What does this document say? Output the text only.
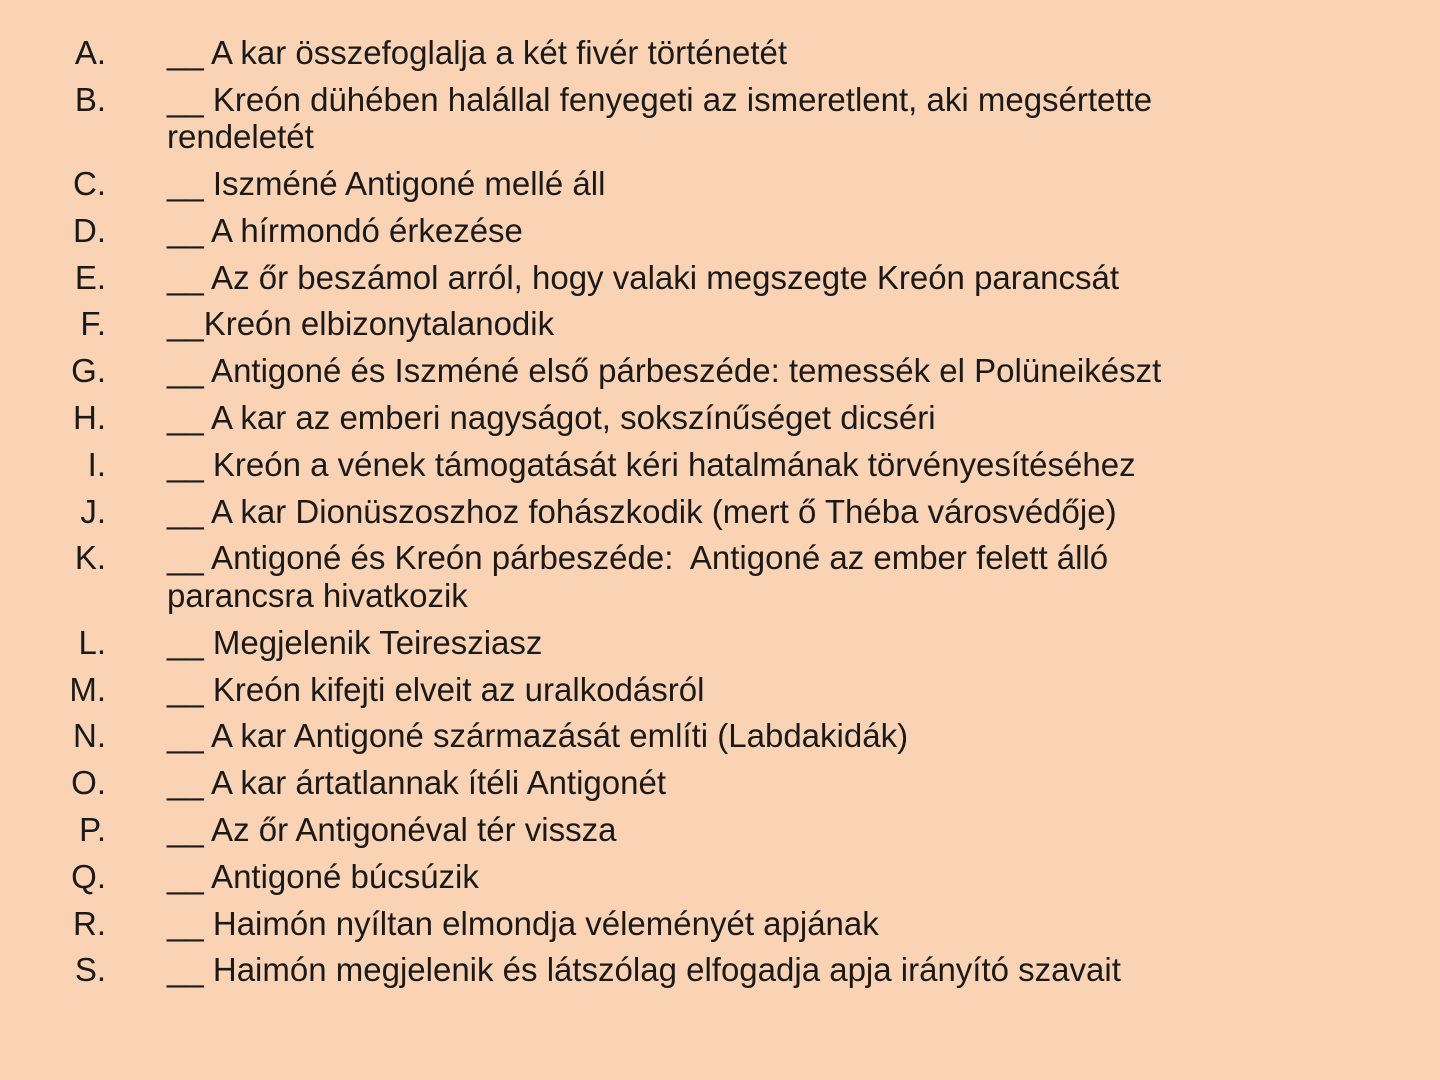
A. __ A kar összefoglalja a két fivér történetét
B. __ Kreón dühében halállal fenyegeti az ismeretlent, aki megsértette
rendeletét
C. __ Iszméné Antigoné mellé áll
D. __ A hírmondó érkezése
E. __ Az őr beszámol arról, hogy valaki megszegte Kreón parancsát
F. __Kreón elbizonytalanodik
G. __ Antigoné és Iszméné első párbeszéde: temessék el Polüneikészt
H. __ A kar az emberi nagyságot, sokszínűséget dicséri
I. __ Kreón a vének támogatását kéri hatalmának törvényesítéséhez
J. __ A kar Dionüszoszhoz fohászkodik (mert ő Théba városvédője)
K. __ Antigoné és Kreón párbeszéde:  Antigoné az ember felett álló
parancsra hivatkozik
L. __ Megjelenik Teiresziasz
M. __ Kreón kifejti elveit az uralkodásról
N. __ A kar Antigoné származását említi (Labdakidák)
O. __ A kar ártatlannak ítéli Antigonét
P. __ Az őr Antigonéval tér vissza
Q. __ Antigoné búcsúzik
R. __ Haimón nyíltan elmondja véleményét apjának
S. __ Haimón megjelenik és látszólag elfogadja apja irányító szavait
